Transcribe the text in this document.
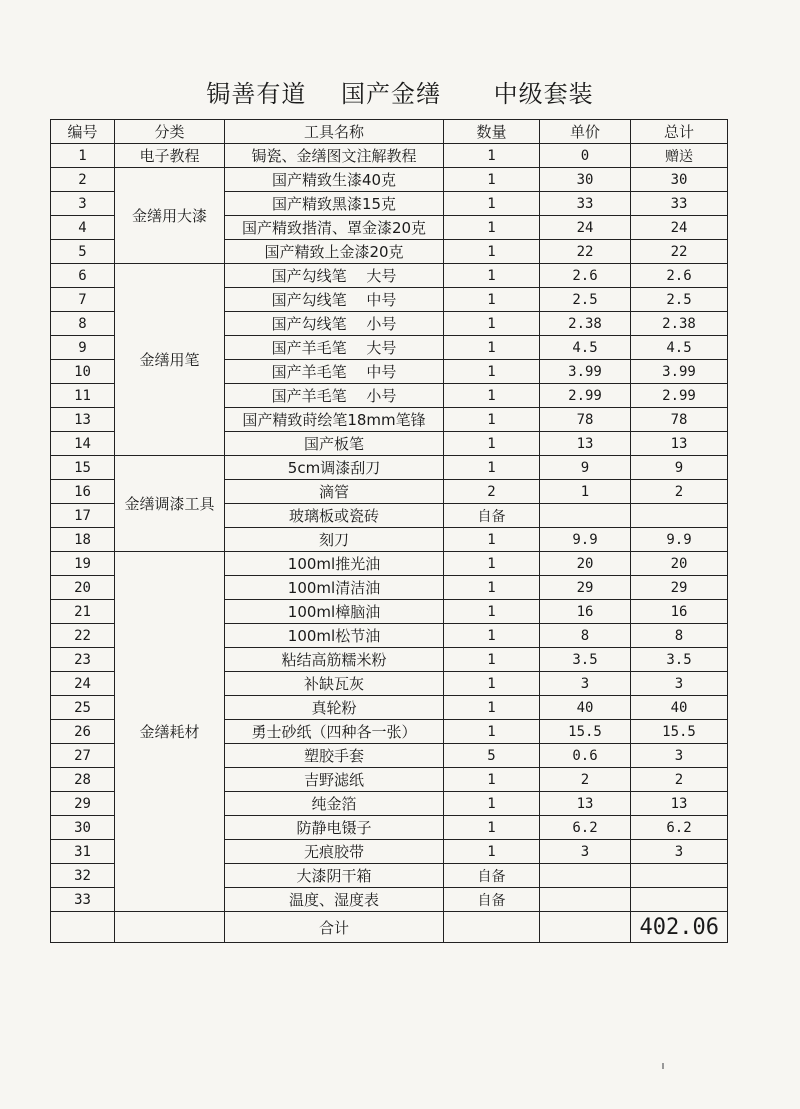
锔善有道 国产金缮 中级套装
编号	分类	工具名称	数量	单价	总计
1	电子教程	锔瓷、金缮图文注解教程	1	0	赠送
2	金缮用大漆	国产精致生漆40克	1	30	30
3		国产精致黑漆15克	1	33	33
4		国产精致揩清、罩金漆20克	1	24	24
5		国产精致上金漆20克	1	22	22
6	金缮用笔	国产勾线笔　 大号	1	2.6	2.6
7		国产勾线笔　 中号	1	2.5	2.5
8		国产勾线笔　 小号	1	2.38	2.38
9		国产羊毛笔　 大号	1	4.5	4.5
10		国产羊毛笔　 中号	1	3.99	3.99
11		国产羊毛笔　 小号	1	2.99	2.99
13		国产精致莳绘笔18mm笔锋	1	78	78
14		国产板笔	1	13	13
15	金缮调漆工具	5cm调漆刮刀	1	9	9
16		滴管	2	1	2
17		玻璃板或瓷砖	自备		
18		刻刀	1	9.9	9.9
19	金缮耗材	100ml推光油	1	20	20
20		100ml清洁油	1	29	29
21		100ml樟脑油	1	16	16
22		100ml松节油	1	8	8
23		粘结高筋糯米粉	1	3.5	3.5
24		补缺瓦灰	1	3	3
25		真轮粉	1	40	40
26		勇士砂纸（四种各一张）	1	15.5	15.5
27		塑胶手套	5	0.6	3
28		吉野滤纸	1	2	2
29		纯金箔	1	13	13
30		防静电镊子	1	6.2	6.2
31		无痕胶带	1	3	3
32		大漆阴干箱	自备		
33		温度、湿度表	自备		
		合计			402.06
